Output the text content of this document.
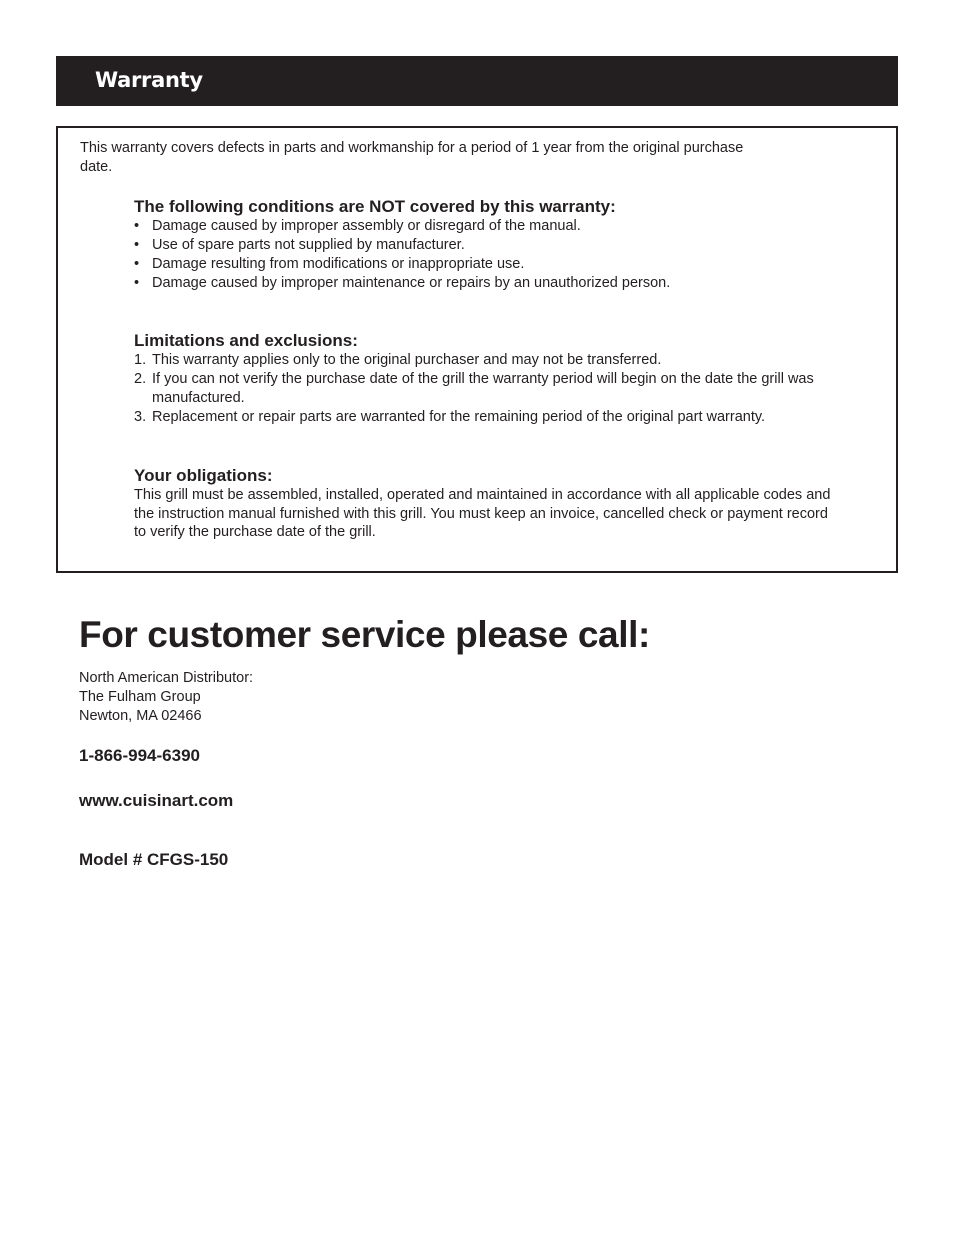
Warranty

This warranty covers defects in parts and workmanship for a period of 1 year from the original purchase date.

The following conditions are NOT covered by this warranty:
• Damage caused by improper assembly or disregard of the manual.
• Use of spare parts not supplied by manufacturer.
• Damage resulting from modifications or inappropriate use.
• Damage caused by improper maintenance or repairs by an unauthorized person.
Limitations and exclusions:
1. This warranty applies only to the original purchaser and may not be transferred.
2. If you can not verify the purchase date of the grill the warranty period will begin on the date the grill was manufactured.
3. Replacement or repair parts are warranted for the remaining period of the original part warranty.
Your obligations:

This grill must be assembled, installed, operated and maintained in accordance with all applicable codes and the instruction manual furnished with this grill. You must keep an invoice, cancelled check or payment record to verify the purchase date of the grill.

For customer service please call:
North American Distributor:
The Fulham Group
Newton, MA 02466
1-866-994-6390
www.cuisinart.com
Model # CFGS-150
